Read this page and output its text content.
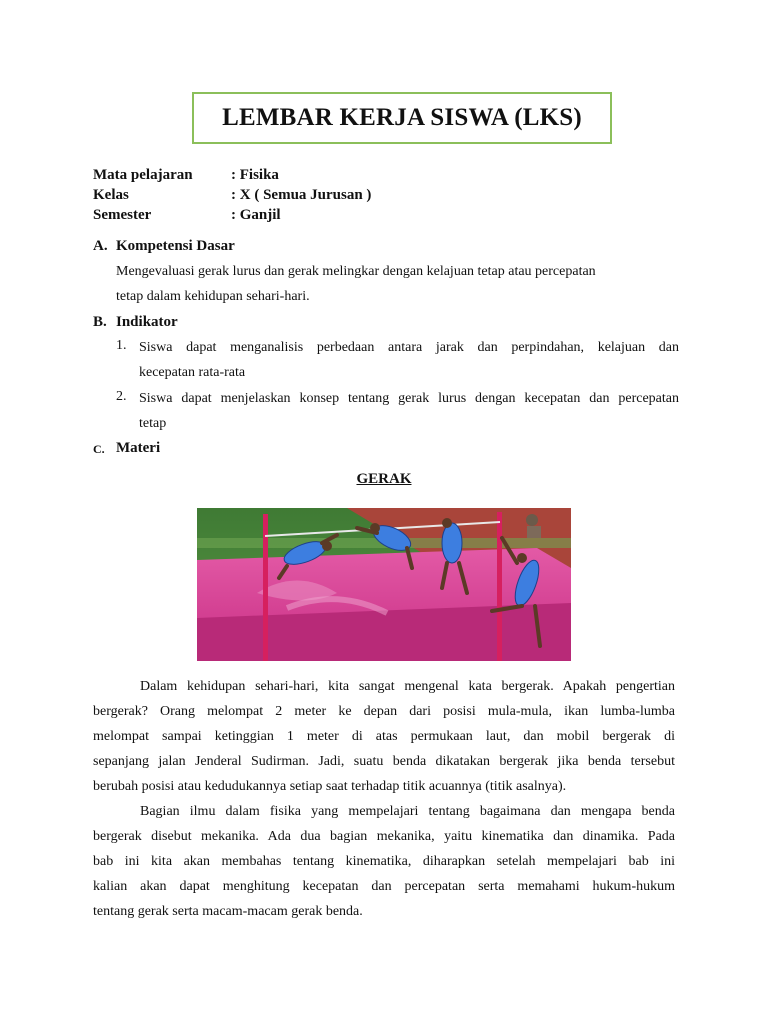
LEMBAR KERJA SISWA (LKS)
Mata pelajaran	: Fisika
Kelas	: X ( Semua Jurusan )
Semester	: Ganjil
A. Kompetensi Dasar
Mengevaluasi gerak lurus dan gerak melingkar dengan kelajuan tetap atau percepatan
tetap dalam kehidupan sehari-hari.
B. Indikator
1. Siswa dapat menganalisis perbedaan antara jarak dan perpindahan, kelajuan dan
kecepatan rata-rata
2. Siswa dapat menjelaskan konsep tentang gerak lurus dengan kecepatan dan percepatan
tetap
C. Materi
GERAK
Dalam kehidupan sehari-hari, kita sangat mengenal kata bergerak. Apakah pengertian
bergerak? Orang melompat 2 meter ke depan dari posisi mula-mula, ikan lumba-lumba
melompat sampai ketinggian 1 meter di atas permukaan laut, dan mobil bergerak di
sepanjang jalan Jenderal Sudirman. Jadi, suatu benda dikatakan bergerak jika benda tersebut
berubah posisi atau kedudukannya setiap saat terhadap titik acuannya (titik asalnya).
Bagian ilmu dalam fisika yang mempelajari tentang bagaimana dan mengapa benda
bergerak disebut mekanika. Ada dua bagian mekanika, yaitu kinematika dan dinamika. Pada
bab ini kita akan membahas tentang kinematika, diharapkan setelah mempelajari bab ini
kalian akan dapat menghitung kecepatan dan percepatan serta memahami hukum-hukum
tentang gerak serta macam-macam gerak benda.
